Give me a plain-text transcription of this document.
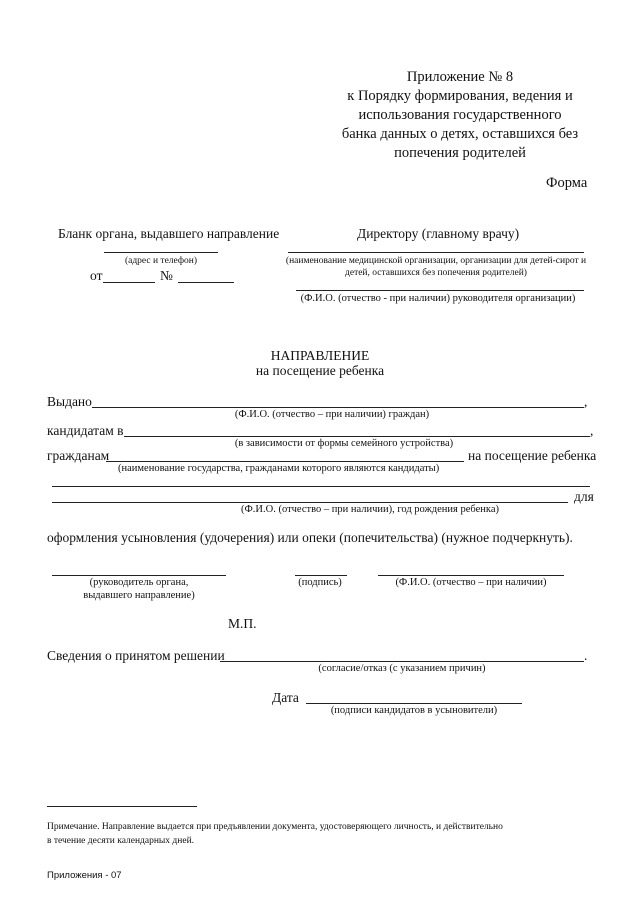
Приложение № 8
к Порядку формирования, ведения и
использования государственного
банка данных о детях, оставшихся без
попечения родителей
Форма
Бланк органа, выдавшего направление
(адрес и телефон)
от	№
Директору (главному врачу)
(наименование медицинской организации, организации для детей-сирот и
детей, оставшихся без попечения родителей)
(Ф.И.О. (отчество - при наличии) руководителя организации)
НАПРАВЛЕНИЕ
на посещение ребенка
Выдано	,
(Ф.И.О. (отчество – при наличии) граждан)
кандидатам в	,
(в зависимости от формы семейного устройства)
гражданам	на посещение ребенка
(наименование государства, гражданами которого являются кандидаты)
для
(Ф.И.О. (отчество – при наличии), год рождения ребенка)
оформления усыновления (удочерения) или опеки (попечительства) (нужное подчеркнуть).
(руководитель органа,
выдавшего направление)
(подпись)	(Ф.И.О. (отчество – при наличии)
М.П.
Сведения о принятом решении	.
(согласие/отказ (с указанием причин)
Дата
(подписи кандидатов в усыновители)
Примечание. Направление выдается при предъявлении документа, удостоверяющего личность, и действительно
в течение десяти календарных дней.
Приложения - 07
